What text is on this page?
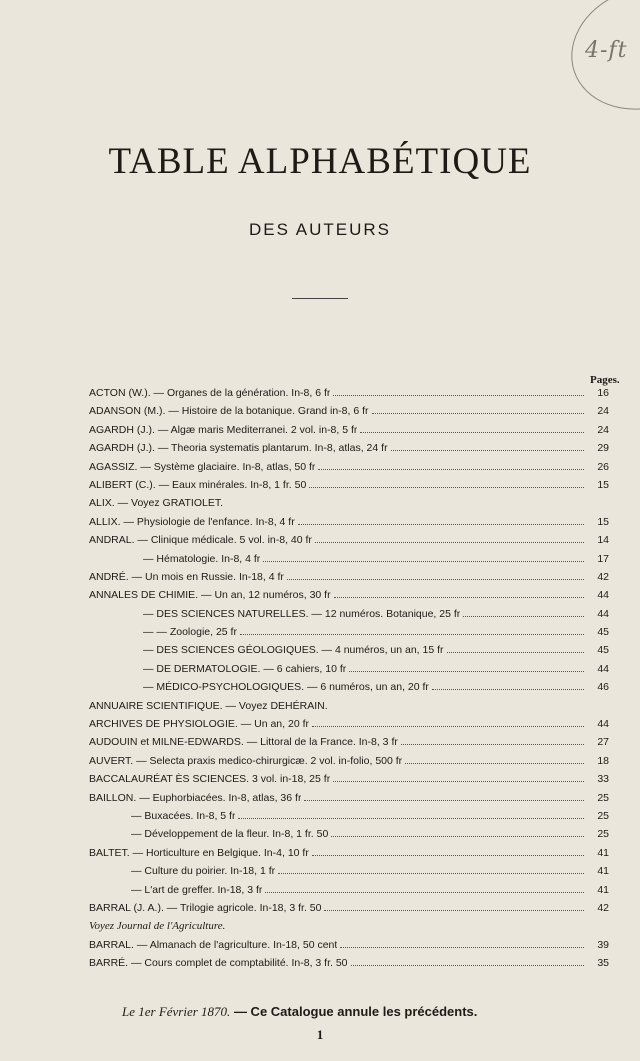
4-ft
TABLE ALPHABÉTIQUE
DES AUTEURS
Pages.
ACTON (W.). — Organes de la génération. In-8, 6 fr	16
ADANSON (M.). — Histoire de la botanique. Grand in-8, 6 fr	24
AGARDH (J.). — Algæ maris Mediterranei. 2 vol. in-8, 5 fr	24
AGARDH (J.). — Theoria systematis plantarum. In-8, atlas, 24 fr	29
AGASSIZ. — Système glaciaire. In-8, atlas, 50 fr	26
ALIBERT (C.). — Eaux minérales. In-8, 1 fr. 50	15
ALIX. — Voyez GRATIOLET.
ALLIX. — Physiologie de l'enfance. In-8, 4 fr	15
ANDRAL. — Clinique médicale. 5 vol. in-8, 40 fr	14
— Hématologie. In-8, 4 fr	17
ANDRÉ. — Un mois en Russie. In-18, 4 fr	42
ANNALES DE CHIMIE. — Un an, 12 numéros, 30 fr	44
— DES SCIENCES NATURELLES. — 12 numéros. Botanique, 25 fr	44
— — Zoologie, 25 fr	45
— DES SCIENCES GÉOLOGIQUES. — 4 numéros, un an, 15 fr	45
— DE DERMATOLOGIE. — 6 cahiers, 10 fr	44
— MÉDICO-PSYCHOLOGIQUES. — 6 numéros, un an, 20 fr	46
ANNUAIRE SCIENTIFIQUE. — Voyez DEHÉRAIN.
ARCHIVES DE PHYSIOLOGIE. — Un an, 20 fr	44
AUDOUIN et MILNE-EDWARDS. — Littoral de la France. In-8, 3 fr	27
AUVERT. — Selecta praxis medico-chirurgicæ. 2 vol. in-folio, 500 fr	18
BACCALAURÉAT ÈS SCIENCES. 3 vol. in-18, 25 fr	33
BAILLON. — Euphorbiacées. In-8, atlas, 36 fr	25
— Buxacées. In-8, 5 fr	25
— Développement de la fleur. In-8, 1 fr. 50	25
BALTET. — Horticulture en Belgique. In-4, 10 fr	41
— Culture du poirier. In-18, 1 fr	41
— L'art de greffer. In-18, 3 fr	41
BARRAL (J. A.). — Trilogie agricole. In-18, 3 fr. 50	42
Voyez Journal de l'Agriculture.
BARRAL. — Almanach de l'agriculture. In-18, 50 cent	39
BARRÉ. — Cours complet de comptabilité. In-8, 3 fr. 50	35
Le 1er Février 1870. — Ce Catalogue annule les précédents.
1
